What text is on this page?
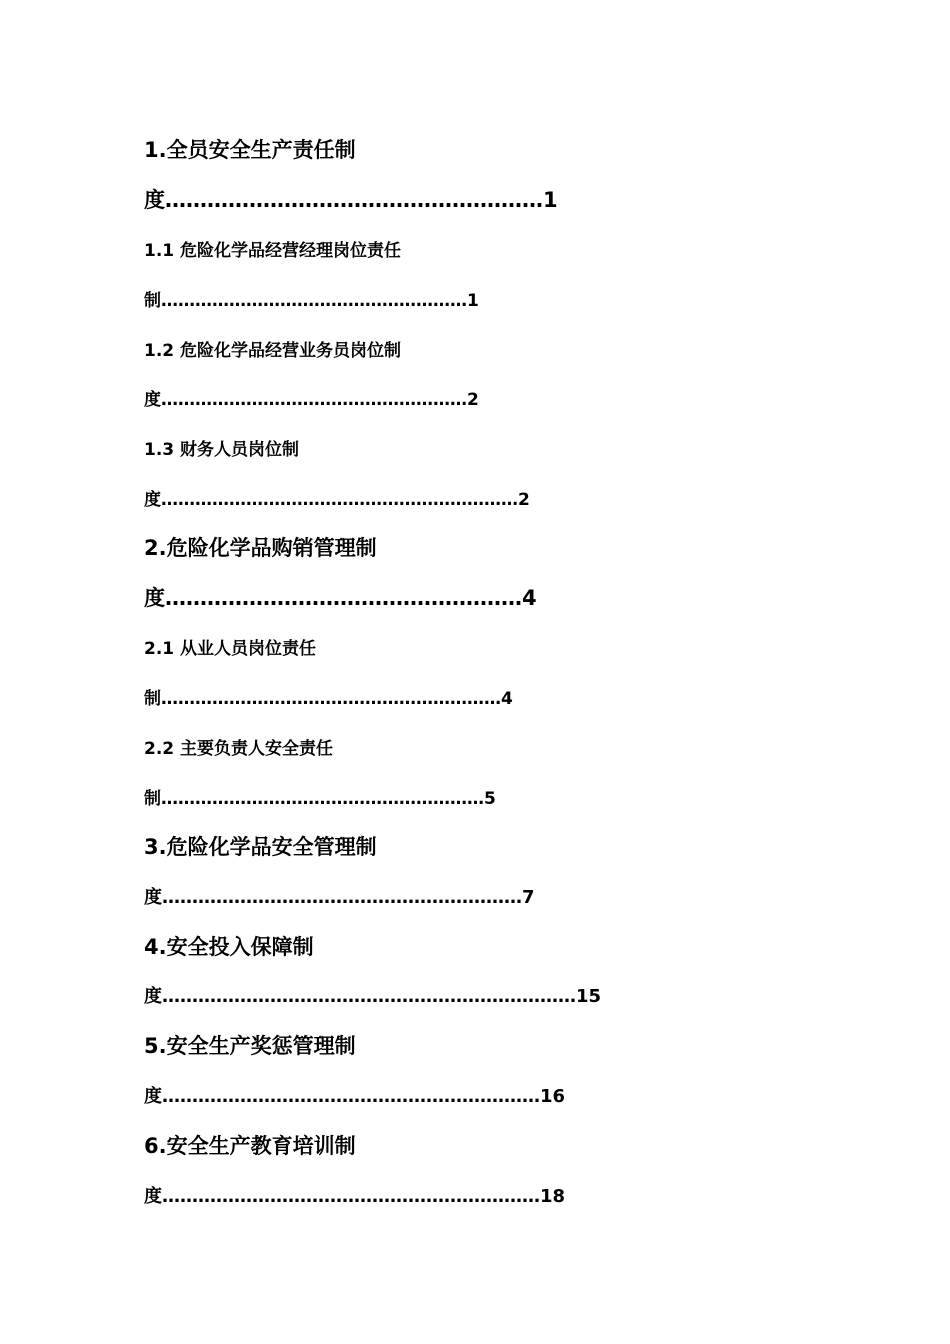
1.全员安全生产责任制
度………………………………………………1
1.1 危险化学品经营经理岗位责任
制………………………………………………1
1.2 危险化学品经营业务员岗位制
度………………………………………………2
1.3 财务人员岗位制
度………………………………………………………2
2.危险化学品购销管理制
度……………………………………………4
2.1 从业人员岗位责任
制……………………………………………………4
2.2 主要负责人安全责任
制…………………………………………………5
3.危险化学品安全管理制
度……………………………………………………7
4.安全投入保障制
度……………………………………………………………15
5.安全生产奖惩管理制
度………………………………………………………16
6.安全生产教育培训制
度………………………………………………………18
